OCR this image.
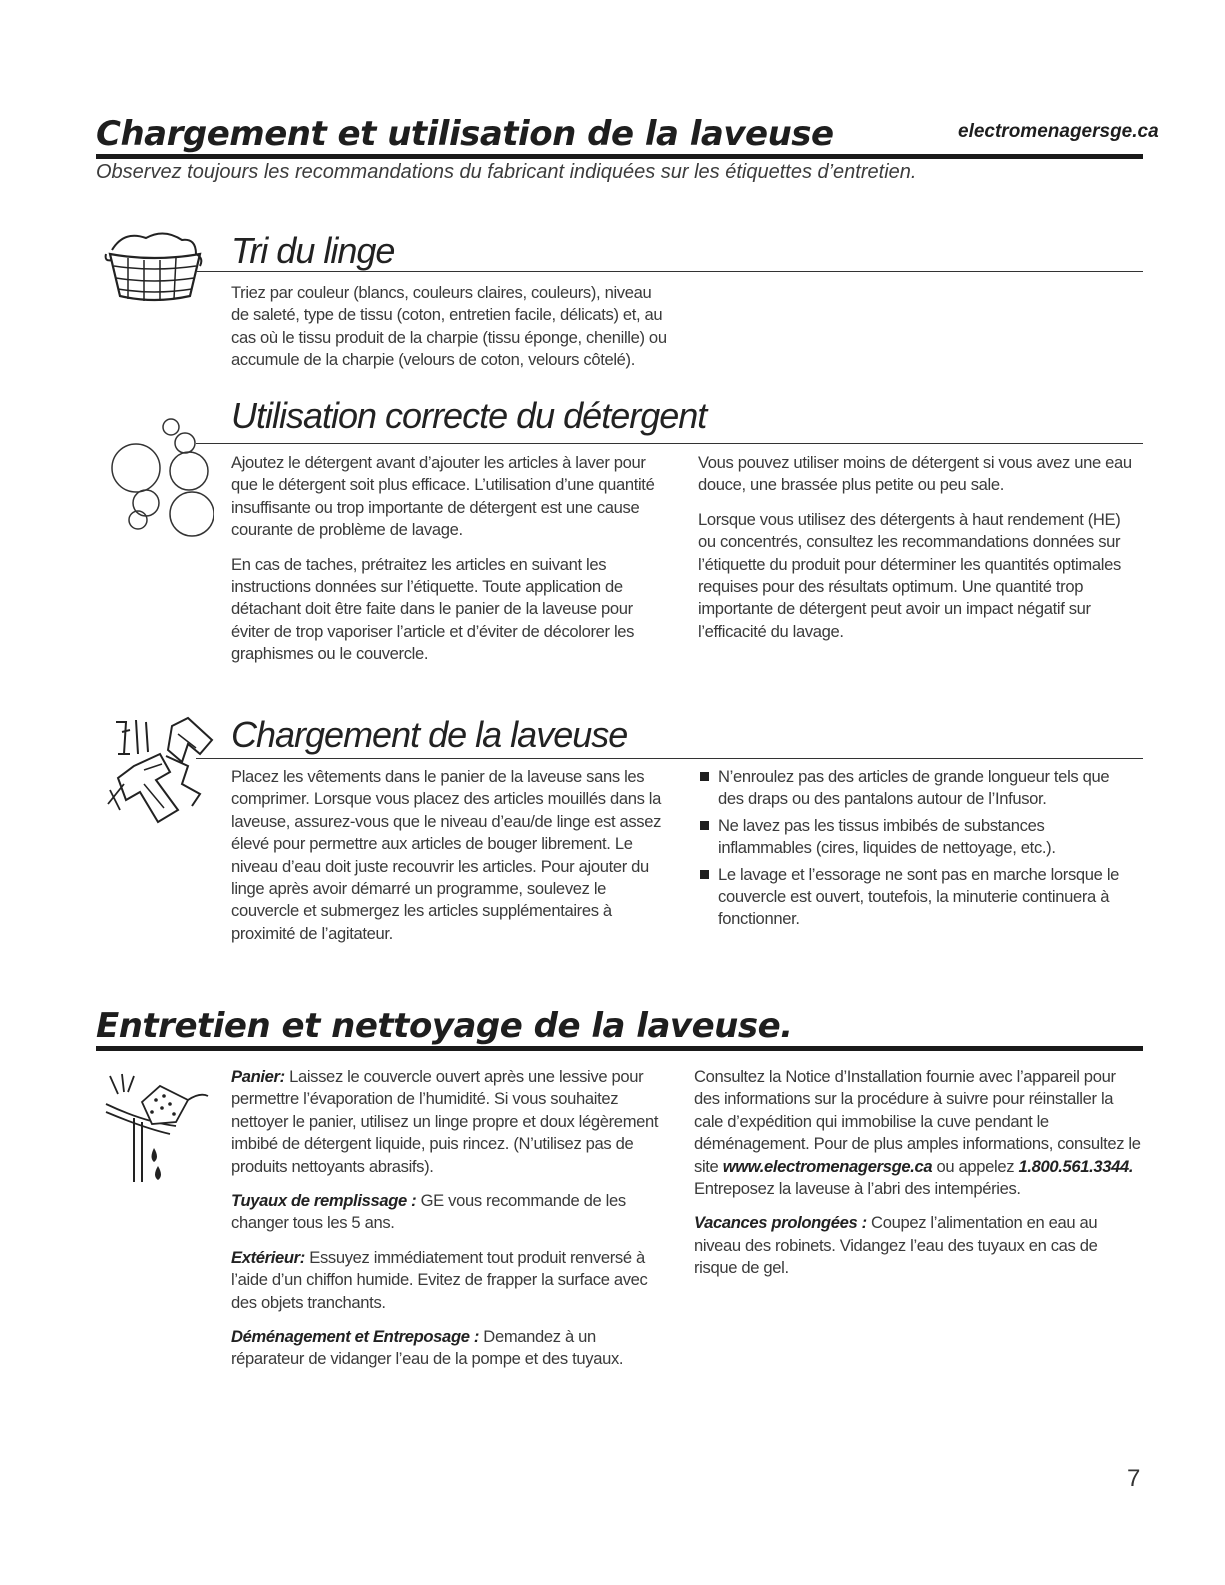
Chargement et utilisation de la laveuse	electromenagersge.ca
Observez toujours les recommandations du fabricant indiquées sur les étiquettes d’entretien.
Tri du linge

Triez par couleur (blancs, couleurs claires, couleurs), niveau de saleté, type de tissu (coton, entretien facile, délicats) et, au cas où le tissu produit de la charpie (tissu éponge, chenille) ou accumule de la charpie (velours de coton, velours côtelé).

Utilisation correcte du détergent

Ajoutez le détergent avant d’ajouter les articles à laver pour que le détergent soit plus efficace. L’utilisation d’une quantité insuffisante ou trop importante de détergent est une cause courante de problème de lavage.

En cas de taches, prétraitez les articles en suivant les instructions données sur l’étiquette. Toute application de détachant doit être faite dans le panier de la laveuse pour éviter de trop vaporiser l’article et d’éviter de décolorer les graphismes ou le couvercle.

Vous pouvez utiliser moins de détergent si vous avez une eau douce, une brassée plus petite ou peu sale.

Lorsque vous utilisez des détergents à haut rendement (HE) ou concentrés, consultez les recommandations données sur l’étiquette du produit pour déterminer les quantités optimales requises pour des résultats optimum. Une quantité trop importante de détergent peut avoir un impact négatif sur l’efficacité du lavage.

Chargement de la laveuse

Placez les vêtements dans le panier de la laveuse sans les comprimer. Lorsque vous placez des articles mouillés dans la laveuse, assurez-vous que le niveau d’eau/de linge est assez élevé pour permettre aux articles de bouger librement. Le niveau d’eau doit juste recouvrir les articles. Pour ajouter du linge après avoir démarré un programme, soulevez le couvercle et submergez les articles supplémentaires à proximité de l’agitateur.

N’enroulez pas des articles de grande longueur tels que des draps ou des pantalons autour de l’Infusor.
Ne lavez pas les tissus imbibés de substances inflammables (cires, liquides de nettoyage, etc.).
Le lavage et l’essorage ne sont pas en marche lorsque le couvercle est ouvert, toutefois, la minuterie continuera à fonctionner.
Entretien et nettoyage de la laveuse.

Panier: Laissez le couvercle ouvert après une lessive pour permettre l’évaporation de l’humidité. Si vous souhaitez nettoyer le panier, utilisez un linge propre et doux légèrement imbibé de détergent liquide, puis rincez. (N’utilisez pas de produits nettoyants abrasifs).

Tuyaux de remplissage : GE vous recommande de les changer tous les 5 ans.

Extérieur: Essuyez immédiatement tout produit renversé à l’aide d’un chiffon humide. Evitez de frapper la surface avec des objets tranchants.

Déménagement et Entreposage : Demandez à un réparateur de vidanger l’eau de la pompe et des tuyaux.

Consultez la Notice d’Installation fournie avec l’appareil pour des informations sur la procédure à suivre pour réinstaller la cale d’expédition qui immobilise la cuve pendant le déménagement. Pour de plus amples informations, consultez le site www.electromenagersge.ca ou appelez 1.800.561.3344. Entreposez la laveuse à l’abri des intempéries.

Vacances prolongées : Coupez l’alimentation en eau au niveau des robinets. Vidangez l’eau des tuyaux en cas de risque de gel.

7
